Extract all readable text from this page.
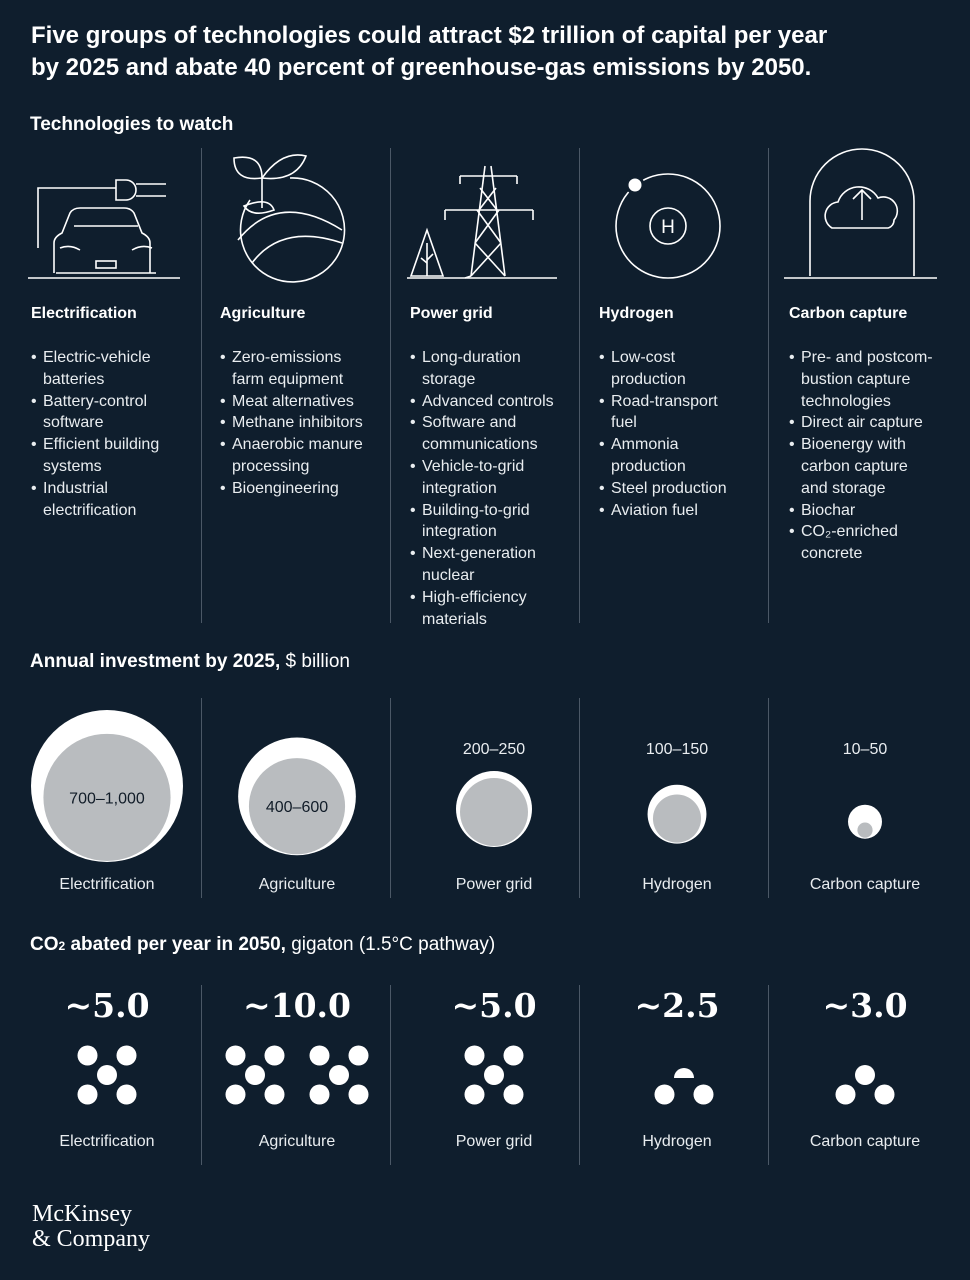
Five groups of technologies could attract $2 trillion of capital per year
by 2025 and abate 40 percent of greenhouse-gas emissions by 2050.
Technologies to watch
H
Electrification
• Electric-vehicle
batteries
• Battery-control
software
• Efficient building
systems
• Industrial
electrification
Agriculture
• Zero-emissions
farm equipment
• Meat alternatives
• Methane inhibitors
• Anaerobic manure
processing
• Bioengineering
Power grid
• Long-duration
storage
• Advanced controls
• Software and
communications
• Vehicle-to-grid
integration
• Building-to-grid
integration
• Next-generation
nuclear
• High-efficiency
materials
Hydrogen
• Low-cost
production
• Road-transport
fuel
• Ammonia
production
• Steel production
• Aviation fuel
Carbon capture
• Pre- and postcom-
bustion capture
technologies
• Direct air capture
• Bioenergy with
carbon capture
and storage
• Biochar
• CO₂-enriched
concrete
Annual investment by 2025, $ billion
700–1,000
Electrification
400–600
Agriculture
200–250
Power grid
100–150
Hydrogen
10–50
Carbon capture
CO2 abated per year in 2050, gigaton (1.5°C pathway)
~5.0	~10.0	~5.0	~2.5	~3.0
Electrification	Agriculture	Power grid	Hydrogen	Carbon capture
McKinsey
& Company
